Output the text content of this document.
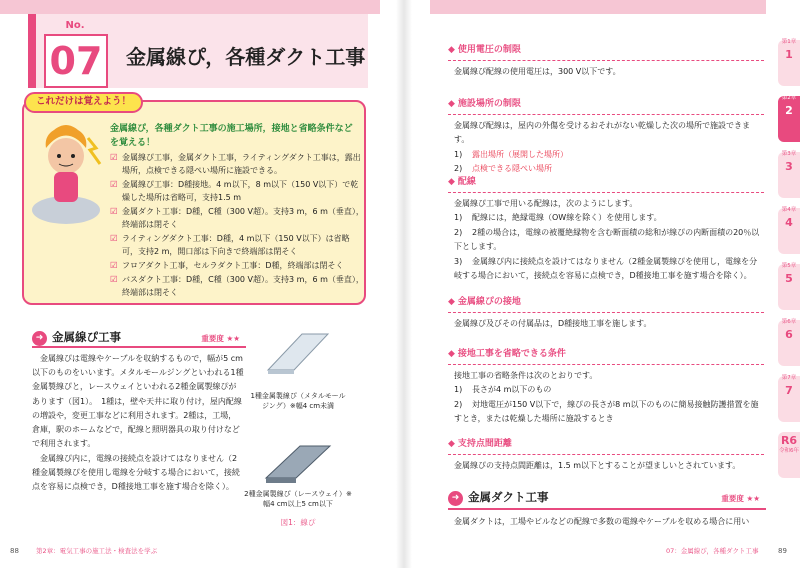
No.
07 金属線ぴ，各種ダクト工事
これだけは覚えよう！
金属線ぴ，各種ダクト工事の施工場所，接地と省略条件などを覚える！
☑ 金属線ぴ工事，金属ダクト工事，ライティングダクト工事は，露出場所，点検できる隠ぺい場所に施設できる。
☑ 金属線ぴ工事：D種接地。4 m以下，8 m以下（150 V以下）で乾燥した場所は省略可，支持1.5 m
☑ 金属ダクト工事：D種，C種（300 V超）。支持3 m，6 m（垂直），終端部は閉そく
☑ ライティングダクト工事：D種，4 m以下（150 V以下）は省略可，支持2 m，開口部は下向きで終端部は閉そく
☑ フロアダクト工事，セルラダクト工事：D種，終端部は閉そく
☑ バスダクト工事：D種，C種（300 V超）。支持3 m，6 m（垂直），終端部は閉そく
➜ 金属線ぴ工事	重要度 ★★

金属線ぴは電線やケーブルを収納するもので，幅が5 cm以下のものをいいます。メタルモールジングといわれる1種金属製線ぴと，レースウェイといわれる2種金属製線ぴがあります（図1）。　1種は，壁や天井に取り付け，屋内配線の増設や，変更工事などに利用されます。2種は，工場，倉庫，駅のホームなどで，配線と照明器具の取り付けなどで利用されます。

金属線ぴ内に，電線の接続点を設けてはなりません（2種金属製線ぴを使用し電線を分岐する場合において，接続点を容易に点検でき，D種接地工事を施す場合を除く）。

1種金属製線ぴ（メタルモールジング）※幅4 cm未満
2種金属製線ぴ（レースウェイ）※幅4 cm以上5 cm以下
図1：線ぴ
88	第2章：電気工事の施工法・検査法を学ぶ
◆ 使用電圧の制限
金属線ぴ配線の使用電圧は，300 V以下です。
◆ 施設場所の制限
金属線ぴ配線は，屋内の外傷を受けるおそれがない乾燥した次の場所で施設できます。
1) 露出場所（展開した場所）
2) 点検できる隠ぺい場所
◆ 配線
金属線ぴ工事で用いる配線は，次のようにします。
1) 配線には，絶縁電線（OW線を除く）を使用します。
2) 2種の場合は，電線の被覆絶縁物を含む断面積の総和が線ぴの内断面積の20％以下とします。
3) 金属線ぴ内に接続点を設けてはなりません（2種金属製線ぴを使用し，電線を分岐する場合において，接続点を容易に点検でき，D種接地工事を施す場合を除く）。
◆ 金属線ぴの接地
金属線ぴ及びその付属品は，D種接地工事を施します。
◆ 接地工事を省略できる条件
接地工事の省略条件は次のとおりです。
1) 長さが4 m以下のもの
2) 対地電圧が150 V以下で，線ぴの長さが8 m以下のものに簡易接触防護措置を施すとき，または乾燥した場所に施設するとき
◆ 支持点間距離
金属線ぴの支持点間距離は，1.5 m以下とすることが望ましいとされています。
➜ 金属ダクト工事	重要度 ★★
金属ダクトは，工場やビルなどの配線で多数の電線やケーブルを収める場合に用い
07：金属線ぴ，各種ダクト工事	89
第1章
1
第2章
2
第3章
3
第4章
4
第5章
5
第6章
6
第7章
7
R6
令和6年
